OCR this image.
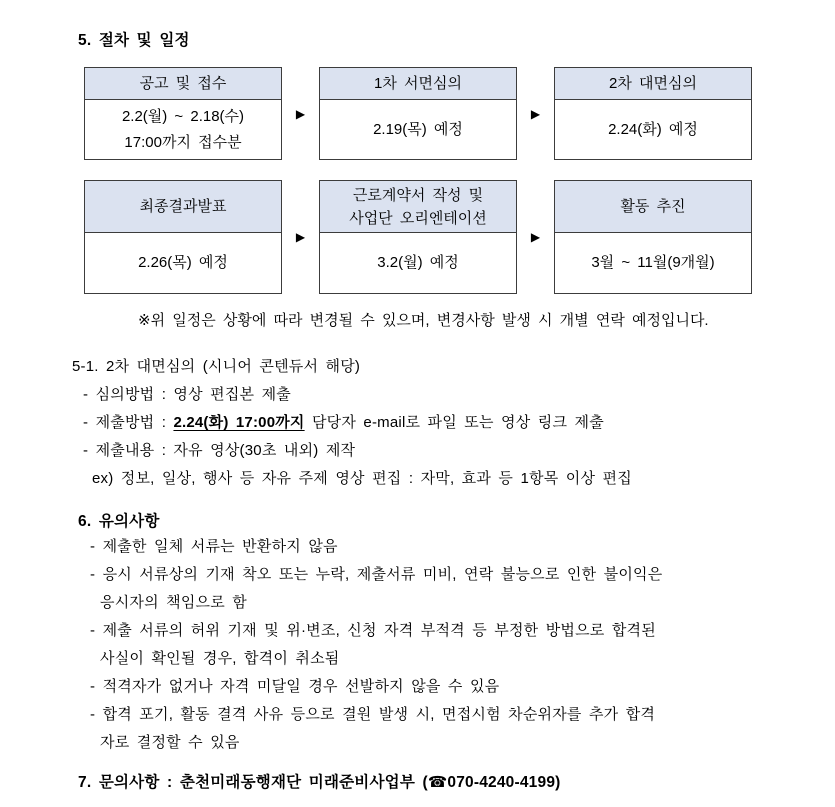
5. 절차 및 일정
공고 및 접수
2.2(월) ~ 2.18(수)
17:00까지 접수분
▶
1차 서면심의
2.19(목) 예정
▶
2차 대면심의
2.24(화) 예정
최종결과발표
2.26(목) 예정
▶
근로계약서 작성 및
사업단 오리엔테이션
3.2(월) 예정
▶
활동 추진
3월 ~ 11월(9개월)

※위 일정은 상황에 따라 변경될 수 있으며, 변경사항 발생 시 개별 연락 예정입니다.

5-1. 2차 대면심의 (시니어 콘텐듀서 해당)

- 심의방법 : 영상 편집본 제출

- 제출방법 : 2.24(화) 17:00까지 담당자 e-mail로 파일 또는 영상 링크 제출

- 제출내용 : 자유 영상(30초 내외) 제작

ex) 정보, 일상, 행사 등 자유 주제 영상 편집 : 자막, 효과 등 1항목 이상 편집

6. 유의사항

- 제출한 일체 서류는 반환하지 않음

- 응시 서류상의 기재 착오 또는 누락, 제출서류 미비, 연락 불능으로 인한 불이익은

응시자의 책임으로 함

- 제출 서류의 허위 기재 및 위·변조, 신청 자격 부적격 등 부정한 방법으로 합격된

사실이 확인될 경우, 합격이 취소됨

- 적격자가 없거나 자격 미달일 경우 선발하지 않을 수 있음

- 합격 포기, 활동 결격 사유 등으로 결원 발생 시, 면접시험 차순위자를 추가 합격

자로 결정할 수 있음

7. 문의사항 : 춘천미래동행재단 미래준비사업부 (☎070-4240-4199)
